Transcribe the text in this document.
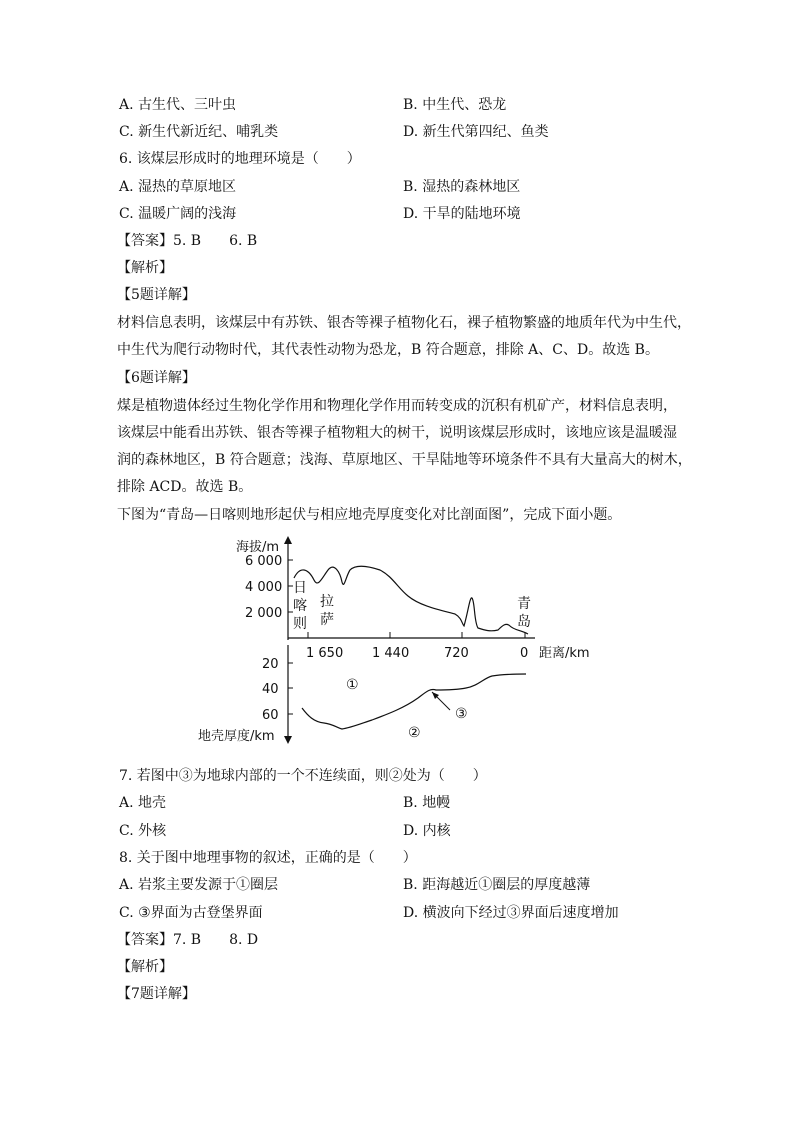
A. 古生代、三叶虫	B. 中生代、恐龙
C. 新生代新近纪、哺乳类	D. 新生代第四纪、鱼类
6. 该煤层形成时的地理环境是（　　）
A. 湿热的草原地区	B. 湿热的森林地区
C. 温暖广阔的浅海	D. 干旱的陆地环境
【答案】5. B　　6. B
【解析】
【5题详解】
材料信息表明，该煤层中有苏铁、银杏等裸子植物化石，裸子植物繁盛的地质年代为中生代，
中生代为爬行动物时代，其代表性动物为恐龙，B 符合题意，排除 A、C、D。故选 B。
【6题详解】
煤是植物遗体经过生物化学作用和物理化学作用而转变成的沉积有机矿产，材料信息表明，
该煤层中能看出苏铁、银杏等裸子植物粗大的树干，说明该煤层形成时，该地应该是温暖湿
润的森林地区，B 符合题意；浅海、草原地区、干旱陆地等环境条件不具有大量高大的树木，
排除 ACD。故选 B。
下图为“青岛—日喀则地形起伏与相应地壳厚度变化对比剖面图”，完成下面小题。
海拔/m
6 000
4 000
2 000
1 650 1 440	720	0 距离/km
日
喀
则
拉
萨
青
岛
20
40
60
地壳厚度/km
①
②
③
7. 若图中③为地球内部的一个不连续面，则②处为（　　）
A. 地壳	B. 地幔
C. 外核	D. 内核
8. 关于图中地理事物的叙述，正确的是（　　）
A. 岩浆主要发源于①圈层	B. 距海越近①圈层的厚度越薄
C. ③界面为古登堡界面	D. 横波向下经过③界面后速度增加
【答案】7. B　　8. D
【解析】
【7题详解】
